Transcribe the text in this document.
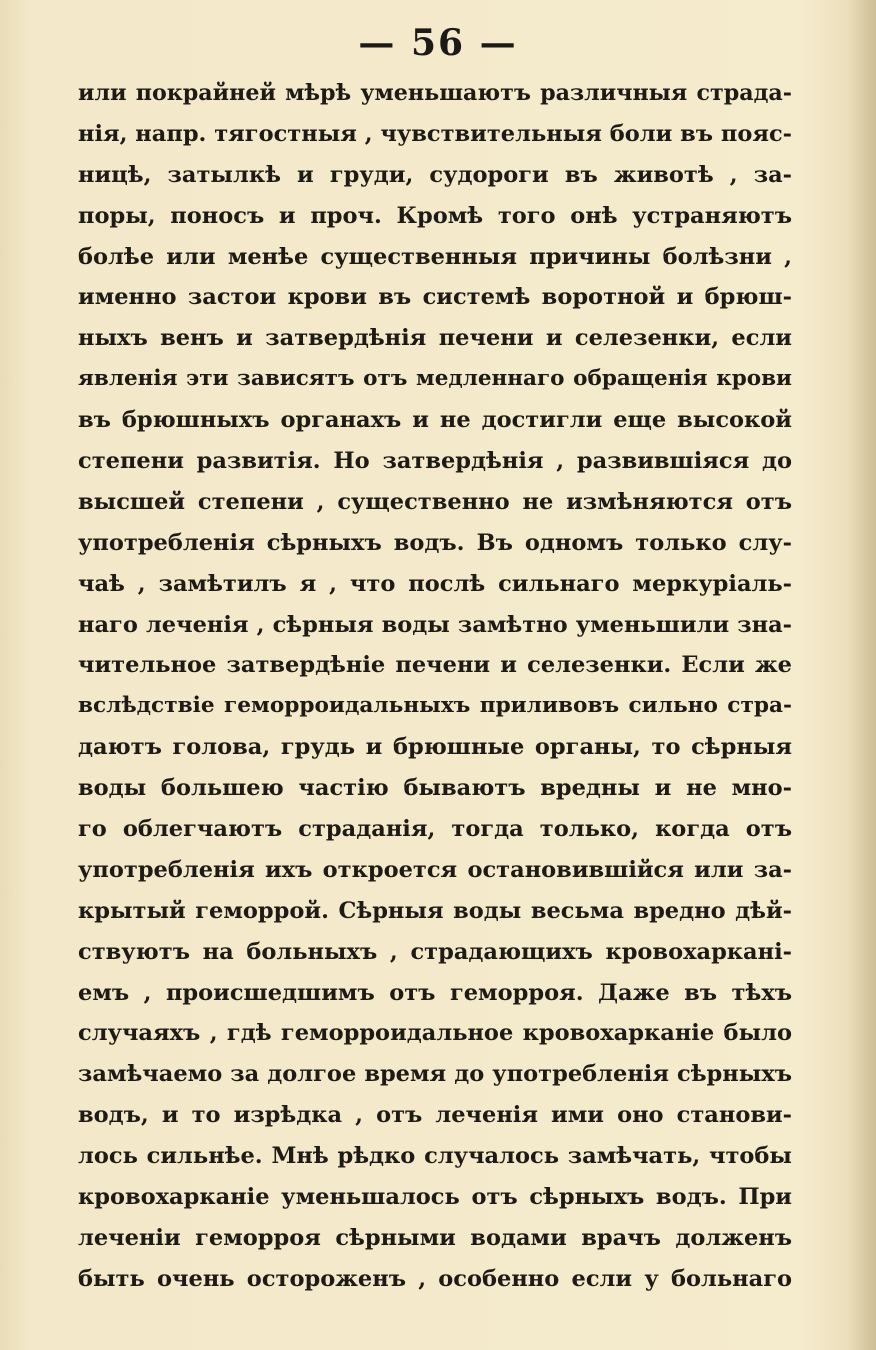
— 56 —
или покрайней мѣрѣ уменьшаютъ различныя страда-
нія, напр. тягостныя , чувствительныя боли въ пояс-
ницѣ, затылкѣ и груди, судороги въ животѣ , за-
поры, поносъ и проч. Кромѣ того онѣ устраняютъ
болѣе или менѣе существенныя причины болѣзни ,
именно застои крови въ системѣ воротной и брюш-
ныхъ венъ и затвердѣнія печени и селезенки, если
явленія эти зависятъ отъ медленнаго обращенія крови
въ брюшныхъ органахъ и не достигли еще высокой
степени развитія. Но затвердѣнія , развившіяся до
высшей степени , существенно не измѣняются отъ
употребленія сѣрныхъ водъ. Въ одномъ только слу-
чаѣ , замѣтилъ я , что послѣ сильнаго меркуріаль-
наго леченія , сѣрныя воды замѣтно уменьшили зна-
чительное затвердѣніе печени и селезенки. Если же
вслѣдствіе геморроидальныхъ приливовъ сильно стра-
даютъ голова, грудь и брюшные органы, то сѣрныя
воды большею частію бываютъ вредны и не мно-
го облегчаютъ страданія, тогда только, когда отъ
употребленія ихъ откроется остановившійся или за-
крытый геморрой. Сѣрныя воды весьма вредно дѣй-
ствуютъ на больныхъ , страдающихъ кровохаркані-
емъ , происшедшимъ отъ геморроя. Даже въ тѣхъ
случаяхъ , гдѣ геморроидальное кровохарканіе было
замѣчаемо за долгое время до употребленія сѣрныхъ
водъ, и то изрѣдка , отъ леченія ими оно станови-
лось сильнѣе. Мнѣ рѣдко случалось замѣчать, чтобы
кровохарканіе уменьшалось отъ сѣрныхъ водъ. При
леченіи геморроя сѣрными водами врачъ долженъ
быть очень остороженъ , особенно если у больнаго
